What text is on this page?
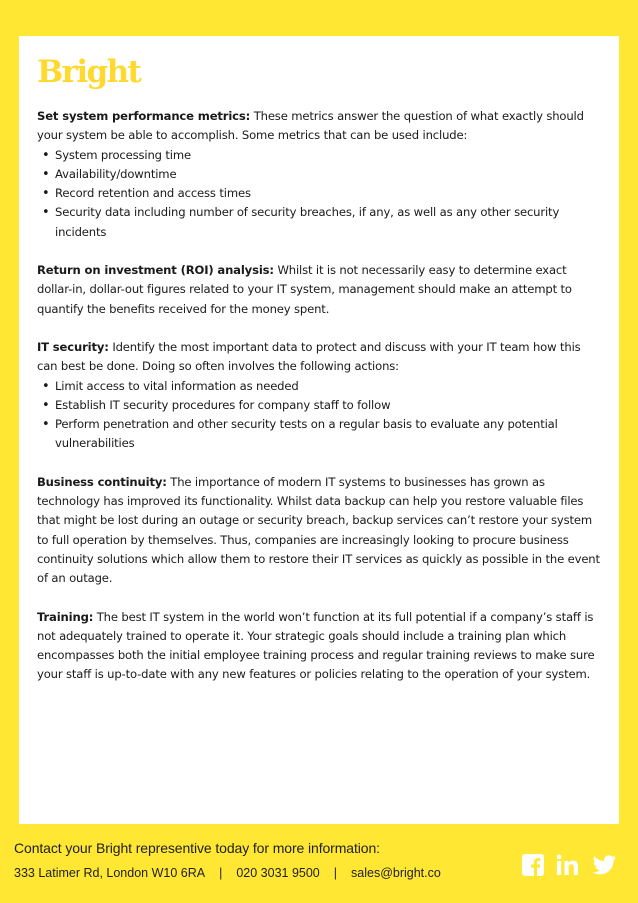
Bright

Set system performance metrics: These metrics answer the question of what exactly should your system be able to accomplish. Some metrics that can be used include:

• System processing time
• Availability/downtime
• Record retention and access times
• Security data including number of security breaches, if any, as well as any other security incidents

Return on investment (ROI) analysis: Whilst it is not necessarily easy to determine exact dollar-in, dollar-out figures related to your IT system, management should make an attempt to quantify the benefits received for the money spent.

IT security: Identify the most important data to protect and discuss with your IT team how this can best be done. Doing so often involves the following actions:

• Limit access to vital information as needed
• Establish IT security procedures for company staff to follow
• Perform penetration and other security tests on a regular basis to evaluate any potential vulnerabilities

Business continuity: The importance of modern IT systems to businesses has grown as technology has improved its functionality. Whilst data backup can help you restore valuable files that might be lost during an outage or security breach, backup services can’t restore your system to full operation by themselves. Thus, companies are increasingly looking to procure business continuity solutions which allow them to restore their IT services as quickly as possible in the event of an outage.

Training: The best IT system in the world won’t function at its full potential if a company’s staff is not adequately trained to operate it. Your strategic goals should include a training plan which encompasses both the initial employee training process and regular training reviews to make sure your staff is up-to-date with any new features or policies relating to the operation of your system.

Contact your Bright representive today for more information:
333 Latimer Rd, London W10 6RA | 020 3031 9500 | sales@bright.co
